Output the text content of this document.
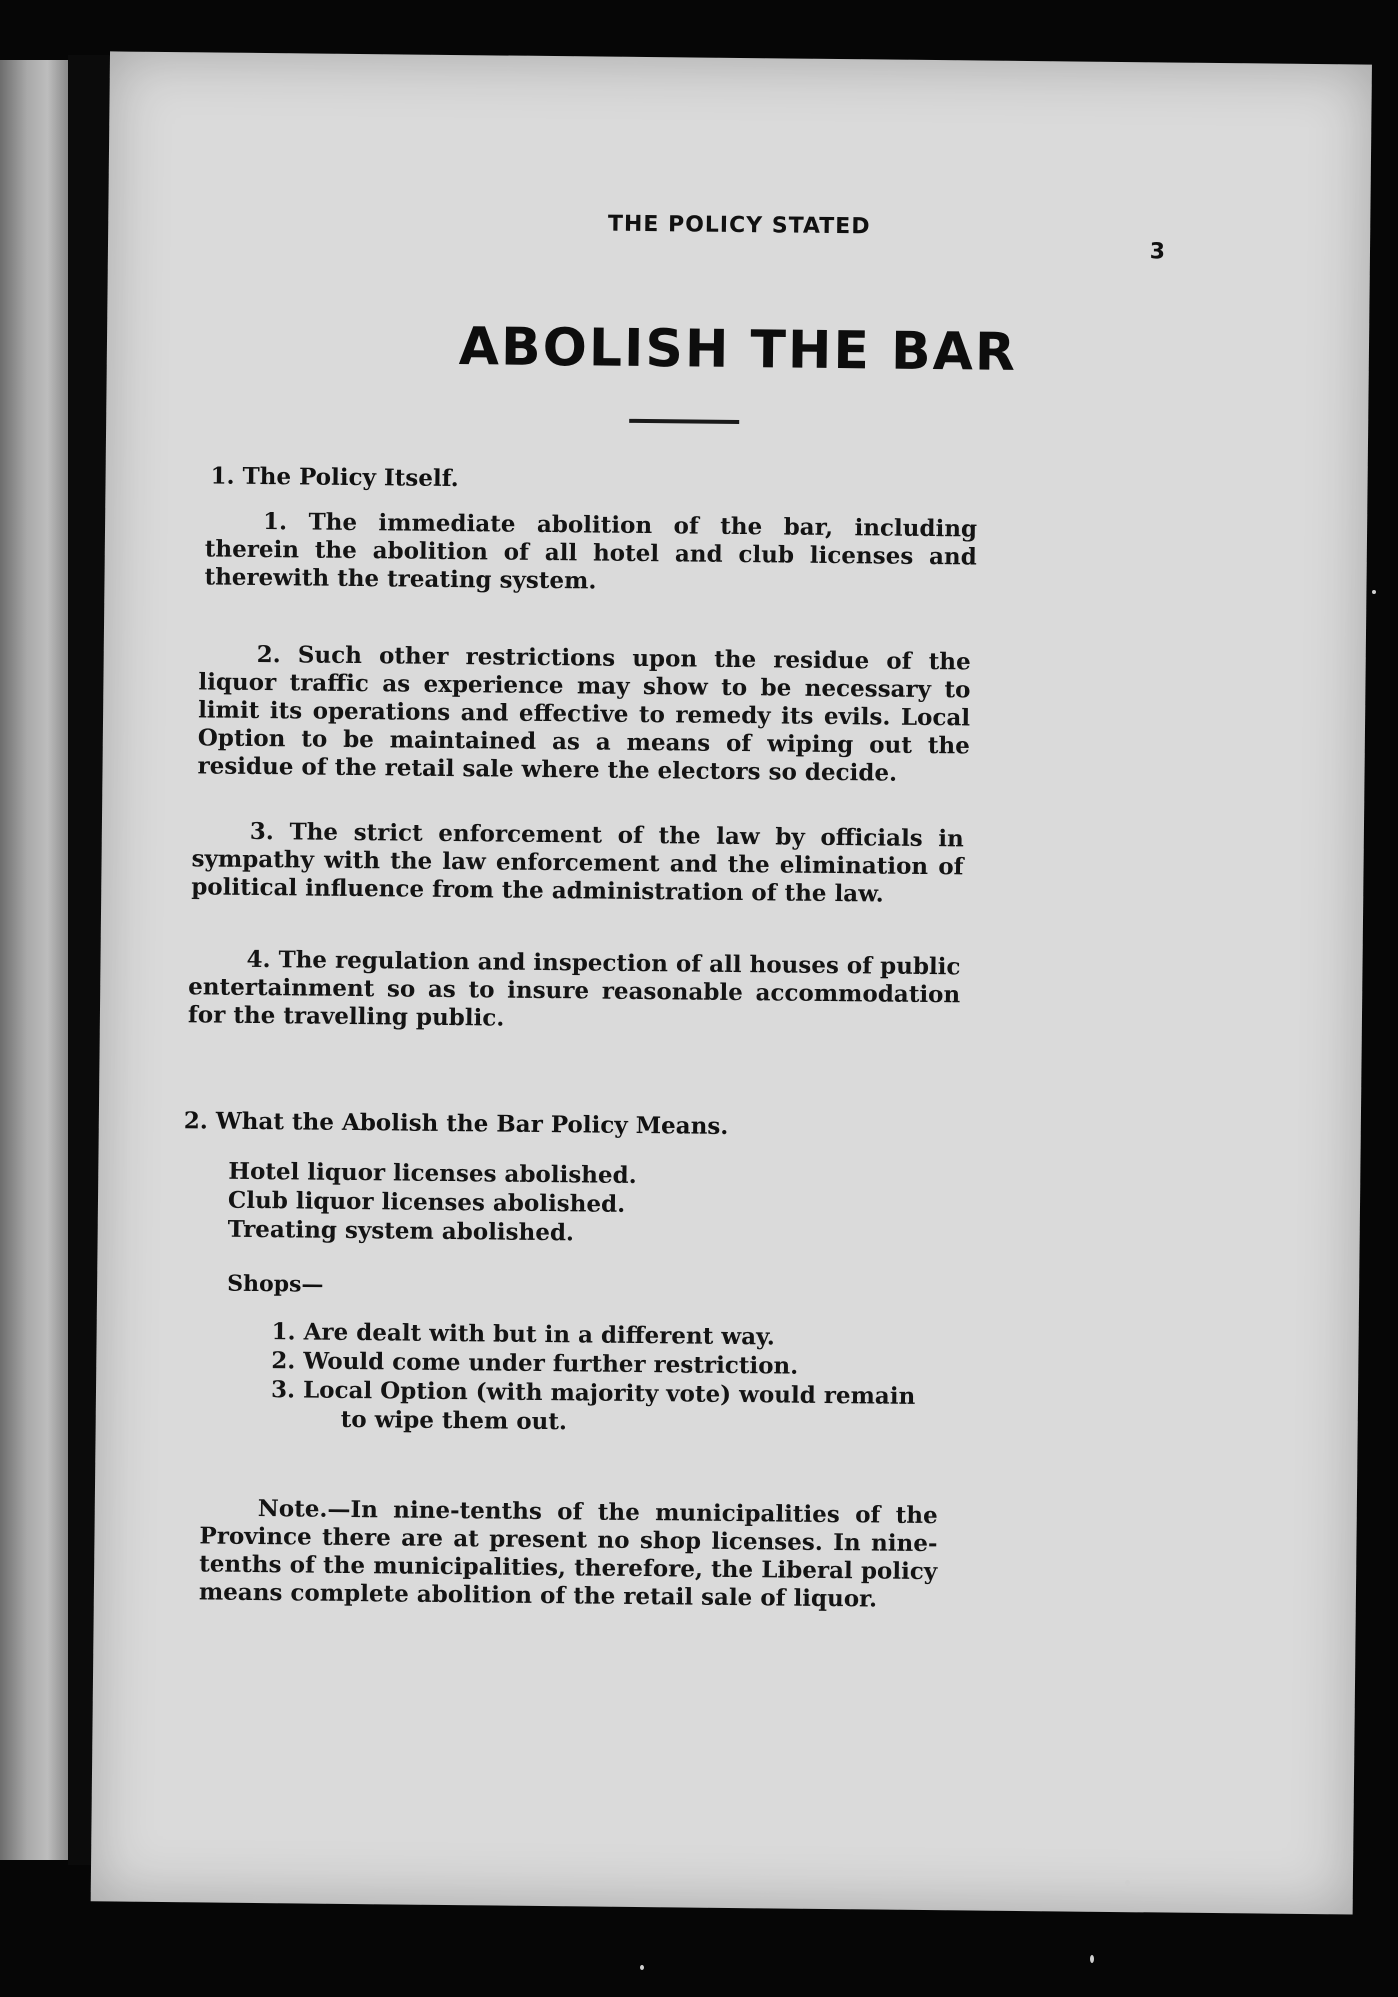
THE POLICY STATED
3
ABOLISH THE BAR
1. The Policy Itself.
1. The immediate abolition of the bar, including therein the abolition of all hotel and club licenses and therewith the treating system.
2. Such other restrictions upon the residue of the liquor traffic as experience may show to be necessary to limit its operations and effective to remedy its evils. Local Option to be maintained as a means of wiping out the residue of the retail sale where the electors so decide.
3. The strict enforcement of the law by officials in sympathy with the law enforcement and the elimination of political influence from the administration of the law.
4. The regulation and inspection of all houses of public entertainment so as to insure reasonable accommodation for the travelling public.
2. What the Abolish the Bar Policy Means.
Hotel liquor licenses abolished.
Club liquor licenses abolished.
Treating system abolished.
Shops—
1. Are dealt with but in a different way.
2. Would come under further restriction.
3. Local Option (with majority vote) would remain
to wipe them out.
Note.—In nine-tenths of the municipalities of the Province there are at present no shop licenses. In nine-tenths of the municipalities, therefore, the Liberal policy means complete abolition of the retail sale of liquor.
